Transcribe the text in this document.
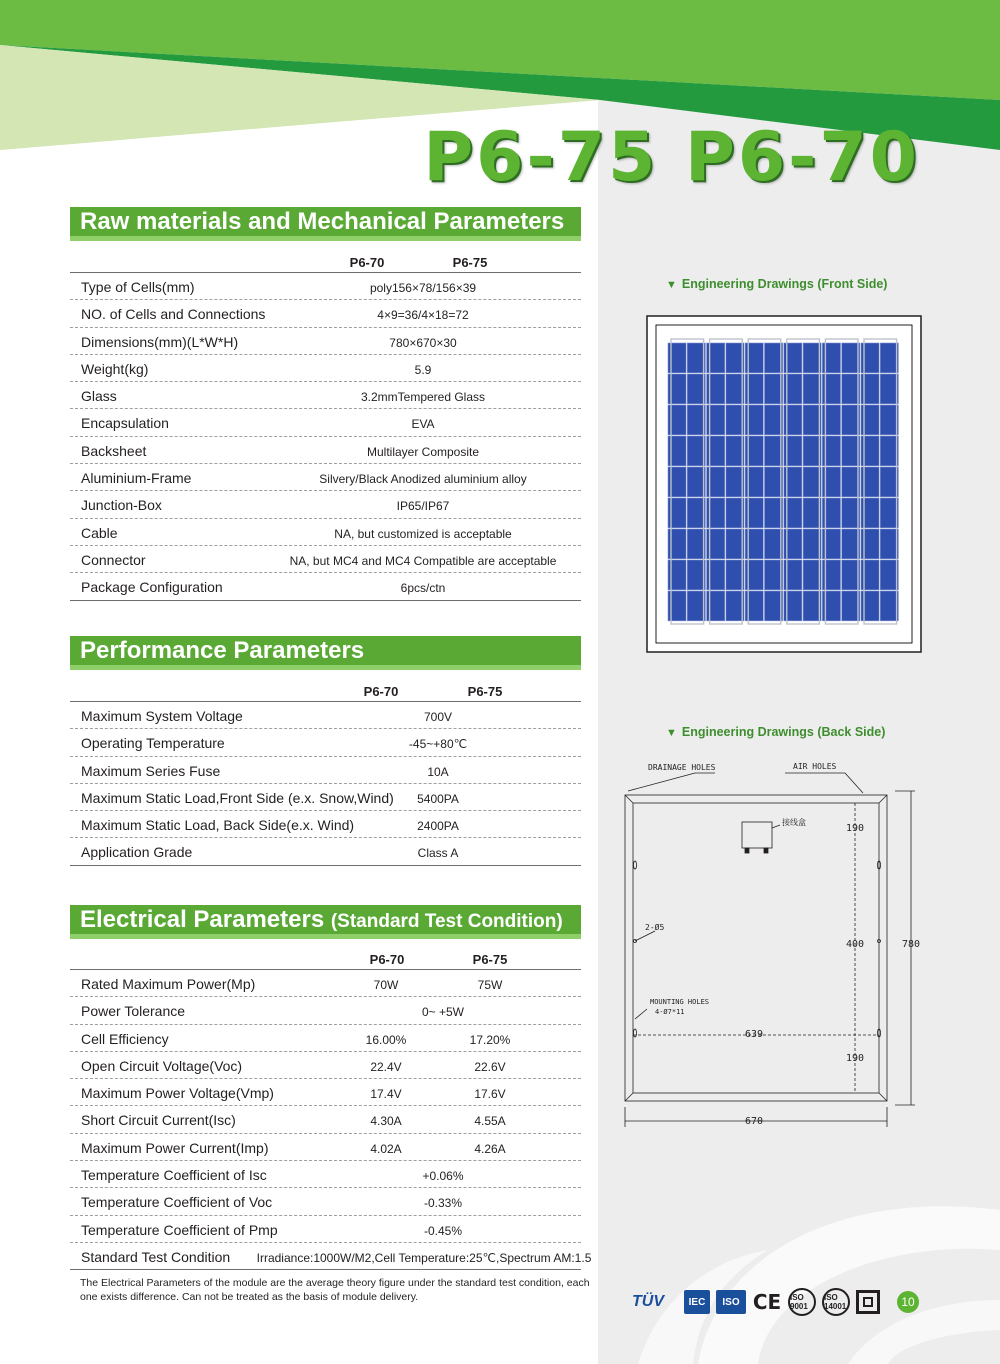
P6-75 P6-70
Raw materials and Mechanical Parameters
P6-70	P6-75
Type of Cells(mm)	poly156×78/156×39
NO. of Cells and Connections	4×9=36/4×18=72
Dimensions(mm)(L*W*H)	780×670×30
Weight(kg)	5.9
Glass	3.2mmTempered Glass
Encapsulation	EVA
Backsheet	Multilayer Composite
Aluminium-Frame	Silvery/Black Anodized aluminium alloy
Junction-Box	IP65/IP67
Cable	NA, but customized is acceptable
Connector	NA, but MC4 and MC4 Compatible are acceptable
Package Configuration	6pcs/ctn
Performance Parameters
P6-70	P6-75
Maximum System Voltage	700V
Operating Temperature	-45~+80℃
Maximum Series Fuse	10A
Maximum Static Load,Front Side (e.x. Snow,Wind) 5400PA
Maximum Static Load, Back Side(e.x. Wind)	2400PA
Application Grade	Class A
Electrical Parameters (Standard Test Condition)
P6-70	P6-75
Rated Maximum Power(Mp)	70W	75W
Power Tolerance	0~ +5W
Cell Efficiency	16.00%	17.20%
Open Circuit Voltage(Voc)	22.4V	22.6V
Maximum Power Voltage(Vmp)	17.4V	17.6V
Short Circuit Current(Isc)	4.30A	4.55A
Maximum Power Current(Imp)	4.02A	4.26A
Temperature Coefficient of Isc	+0.06%
Temperature Coefficient of Voc	-0.33%
Temperature Coefficient of Pmp	-0.45%
Standard Test Condition Irradiance:1000W/M2,Cell Temperature:25℃,Spectrum AM:1.5
The Electrical Parameters of the module are the average theory figure under the standard test condition, each one exists difference. Can not be treated as the basis of module delivery.
▼ Engineering Drawings (Front Side)
▼ Engineering Drawings (Back Side)
DRAINAGE HOLES	AIR HOLES
接线盒
190
400	780
2-Ø5
MOUNTING HOLES
4-Ø7*11
639
190
670
TÜV	IEC	ISO CE ISO 9001
ISO 14001	10
